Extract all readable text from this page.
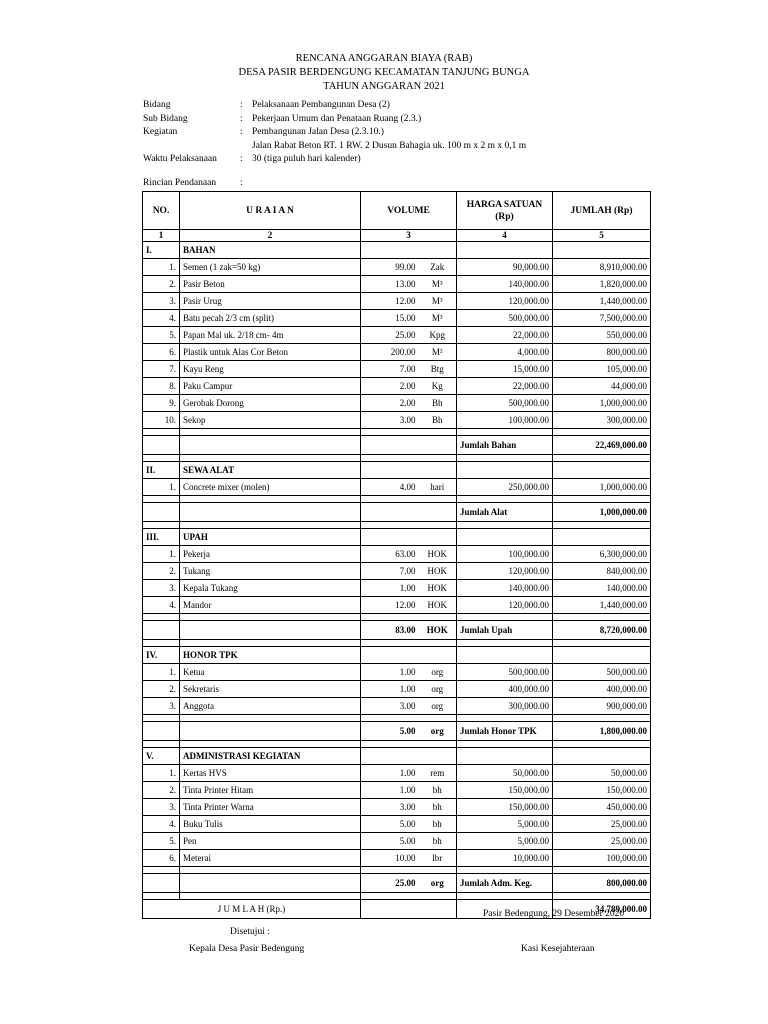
RENCANA ANGGARAN BIAYA (RAB)
DESA PASIR BERDENGUNG KECAMATAN TANJUNG BUNGA
TAHUN ANGGARAN 2021
Bidang	: Pelaksanaan Pembangunan Desa (2)
Sub Bidang	: Pekerjaan Umum dan Penataan Ruang (2.3.)
Kegiatan	: Pembangunan Jalan Desa (2.3.10.)
Jalan Rabat Beton RT. 1 RW. 2 Dusun Bahagia uk. 100 m x 2 m x 0,1 m
Waktu Pelaksanaan	: 30 (tiga puluh hari kalender)
Rincian Pendanaan	:
NO.	U R A I A N	VOLUME		HARGA SATUAN (Rp)	JUMLAH (Rp)
1	2	3		4	5
I.	BAHAN				
1.	Semen (1 zak=50 kg)	99.00	Zak	90,000.00	8,910,000.00
2.	Pasir Beton	13.00	M³	140,000.00	1,820,000.00
3.	Pasir Urug	12.00	M³	120,000.00	1,440,000.00
4.	Batu pecah 2/3 cm (split)	15.00	M³	500,000.00	7,500,000.00
5.	Papan Mal uk. 2/18 cm- 4m	25.00	Kpg	22,000.00	550,000.00
6.	Plastik untuk Alas Cor Beton	200.00	M²	4,000.00	800,000.00
7.	Kayu Reng	7.00	Btg	15,000.00	105,000.00
8.	Paku Campur	2.00	Kg	22,000.00	44,000.00
9.	Gerobak Dorong	2.00	Bh	500,000.00	1,000,000.00
10.	Sekop	3.00	Bh	100,000.00	300,000.00

				Jumlah Bahan	22,469,000.00

II.	SEWA ALAT				
1.	Concrete mixer (molen)	4.00	hari	250,000.00	1,000,000.00

				Jumlah Alat	1,000,000.00

III.	UPAH				
1.	Pekerja	63.00	HOK	100,000.00	6,300,000.00
2.	Tukang	7.00	HOK	120,000.00	840,000.00
3.	Kepala Tukang	1.00	HOK	140,000.00	140,000.00
4.	Mandor	12.00	HOK	120,000.00	1,440,000.00

		83.00	HOK	Jumlah Upah	8,720,000.00

IV.	HONOR TPK				
1.	Ketua	1.00	org	500,000.00	500,000.00
2.	Sekretaris	1.00	org	400,000.00	400,000.00
3.	Anggota	3.00	org	300,000.00	900,000.00

		5.00	org	Jumlah Honor TPK	1,800,000.00

V.	ADMINISTRASI KEGIATAN				
1.	Kertas HVS	1.00	rem	50,000.00	50,000.00
2.	Tinta Printer Hitam	1.00	bh	150,000.00	150,000.00
3.	Tinta Printer Warna	3.00	bh	150,000.00	450,000.00
4.	Buku Tulis	5.00	bh	5,000.00	25,000.00
5.	Pen	5.00	bh	5,000.00	25,000.00
6.	Meterai	10.00	lbr	10,000.00	100,000.00

		25.00	org	Jumlah Adm. Keg.	800,000.00

J U M L A H (Rp.)					34,789,000.00
Pasir Bedengung, 29 Desember 2020
Disetujui :
Kepala Desa Pasir Bedengung	Kasi Kesejahteraan
